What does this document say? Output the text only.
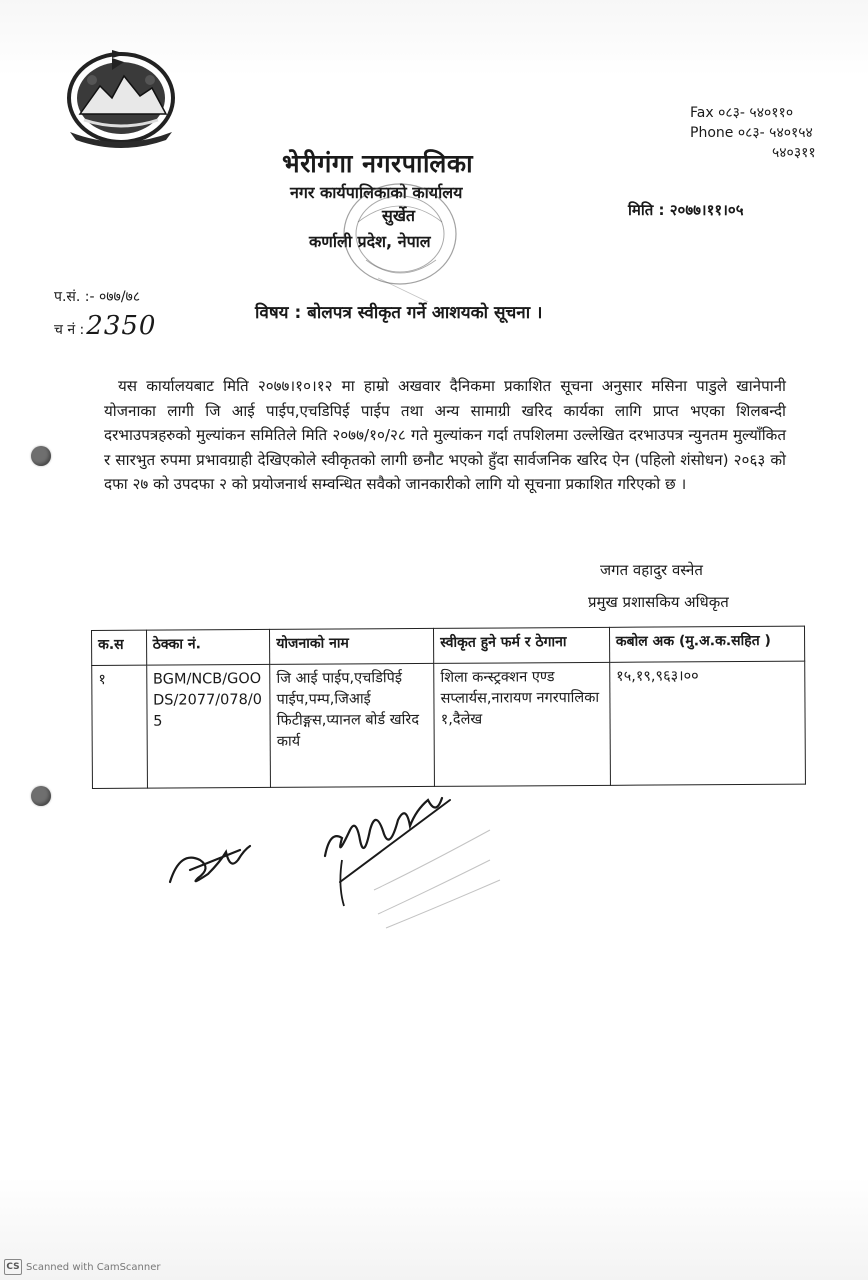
Fax ०८३- ५४०११०
Phone ०८३- ५४०१५४
५४०३११
भेरीगंगा नगरपालिका
नगर कार्यपालिकाको कार्यालय
सुर्खेत
कर्णाली प्रदेश, नेपाल
मिति : २०७७।११।०५
प.सं. :- ०७७/७८
च नं :2350	विषय : बोलपत्र स्वीकृत गर्ने आशयको सूचना ।
यस कार्यालयबाट मिति २०७७।१०।१२ मा हाम्रो अखवार दैनिकमा प्रकाशित सूचना अनुसार मसिना पाडुले खानेपानी योजनाका लागी जि आई पाईप,एचडिपिई पाईप तथा अन्य सामाग्री खरिद कार्यका लागि प्राप्त भएका शिलबन्दी दरभाउपत्रहरुको मुल्यांकन समितिले मिति २०७७/१०/२८ गते मुल्यांकन गर्दा तपशिलमा उल्लेखित दरभाउपत्र न्युनतम मुल्याँकित र सारभुत रुपमा प्रभावग्राही देखिएकोले स्वीकृतको लागी छनौट भएको हुँदा सार्वजनिक खरिद ऐन (पहिलो शंसोधन) २०६३ को दफा २७ को उपदफा २ को प्रयोजनार्थ सम्वन्धित सवैको जानकारीको लागि यो सूचनाा प्रकाशित गरिएको छ ।
जगत वहादुर वस्नेत
प्रमुख प्रशासकिय अधिकृत
क.स	ठेक्का नं.	योजनाको नाम	स्वीकृत हुने फर्म र ठेगाना	कबोल अक (मु.अ.क.सहित )
१	BGM/NCB/GOODS/2077/078/05	जि आई पाईप,एचडिपिई पाईप,पम्प,जिआई फिटीङ्गस,प्यानल बोर्ड खरिद कार्य	शिला कन्स्ट्रक्शन एण्ड सप्लार्यस,नारायण नगरपालिका १,दैलेख	१५,१९,९६३।००
CS Scanned with CamScanner
